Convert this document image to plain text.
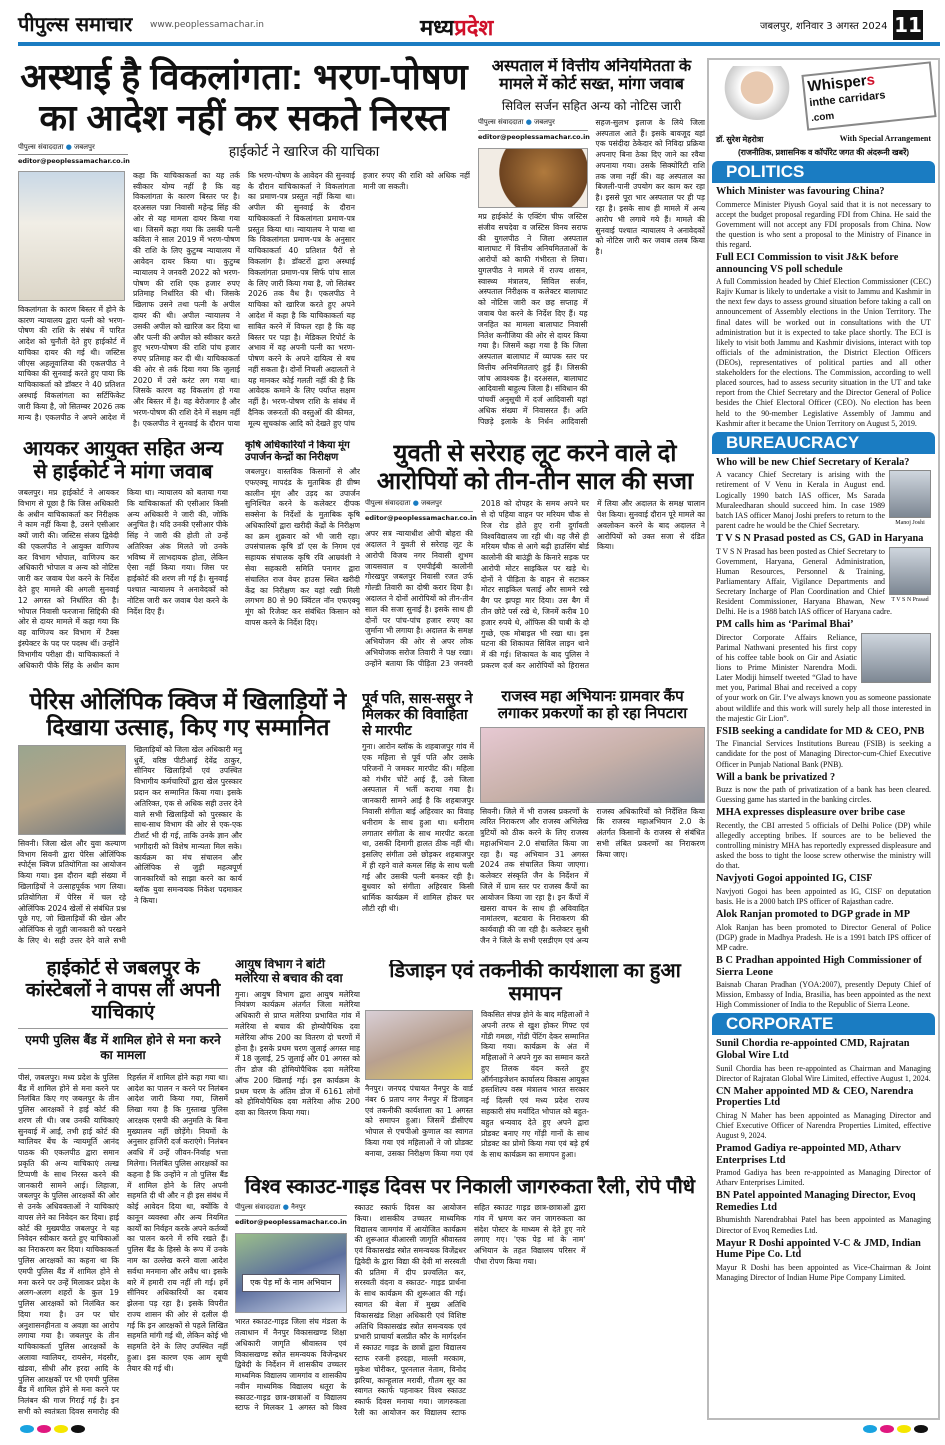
पीपुल्स समाचार www.peoplessamachar.in	मध्यप्रदेश	जबलपुर, शनिवार 3 अगस्त 2024 11
अस्थाई है विकलांगता: भरण-पोषण का आदेश नहीं कर सकते निरस्त
पीपुल्स संवाददाता ● जबलपुर
editor@peoplessamachar.co.in
हाईकोर्ट ने खारिज की याचिका
विकलांगता के कारण बिस्तर में होने के कारण न्यायालय द्वारा पत्नी को भरण-पोषण की राशि के संबंध में पारित आदेश को चुनौती देते हुए हाईकोर्ट में याचिका दायर की गई थी। जस्टिस जीएस अहलूवालिया की एकलपीठ ने याचिका की सुनवाई करते हुए पाया कि याचिकाकर्ता को डॉक्टर ने 40 प्रतिशत अस्थाई विकलांगता का सर्टिफिकेट जारी किया है, जो सितम्बर 2026 तक मान्य है। एकलपीठ ने अपने आदेश में कहा कि याचिकाकर्ता का यह तर्क स्वीकार योग्य नहीं है कि वह विकलांगता के कारण बिस्तर पर है। दरअसल पन्ना निवासी महेन्द्र सिंह की ओर से यह मामला दायर किया गया था। जिसमें कहा गया कि उसकी पत्नी कविता ने साल 2019 में भरण-पोषण की राशि के लिए कुटुम्ब न्यायालय में आवेदन दायर किया था। कुटुम्ब न्यायालय ने जनवरी 2022 को भरण-पोषण की राशि एक हजार रुपए प्रतिमाह निर्धारित की थी। जिसके खिलाफ उसने तथा पत्नी के अपील दायर की थी। अपील न्यायालय ने उसकी अपील को खारिज कर दिया था और पत्नी की अपील को स्वीकार करते हुए भरण-पोषण की राशि पांच हजार रुपए प्रतिमाह कर दी थी। याचिकाकर्ता की ओर से तर्क दिया गया कि जुलाई 2020 में उसे करंट लग गया था। जिसके कारण वह विकलांग हो गया और बिस्तर में है। वह बेरोजगार है और भरण-पोषण की राशि देने में सक्षम नहीं है। एकलपीठ ने सुनवाई के दौरान पाया कि भरण-पोषण के आवेदन की सुनवाई के दौरान याचिकाकर्ता ने विकलांगता का प्रमाण-पत्र प्रस्तुत नहीं किया था। अपील की सुनवाई के दौरान याचिकाकर्ता ने विकलांगता प्रमाण-पत्र प्रस्तुत किया था। न्यायालय ने पाया था कि विकलांगता प्रमाण-पत्र के अनुसार याचिकाकर्ता 40 प्रतिशत पैरों से विकलांग है। डॉक्टरों द्वारा अस्थाई विकलांगता प्रमाण-पत्र सिर्फ पांच साल के लिए जारी किया गया है, जो सितंबर 2026 तक वैध है। एकलपीठ ने याचिका को खारिज करते हुए अपने आदेश में कहा है कि याचिकाकर्ता यह साबित करने में विफल रहा है कि वह बिस्तर पर पड़ा है। मेडिकल रिपोर्ट के अभाव में वह अपनी पत्नी का भरण-पोषण करने के अपने दायित्व से बच नहीं सकता है। दोनों निचली अदालतों ने यह मानकर कोई गलती नहीं की है कि आवेदक कमाने के लिए पर्याप्त सक्षम नहीं है। भरण-पोषण राशि के संबंध में दैनिक जरूरतों की वस्तुओं की कीमत, मूल्य सूचकांक आदि को देखते हुए पांच हजार रुपए की राशि को अधिक नहीं मानी जा सकती।
अस्पताल में वित्तीय अनियमितता के मामले में कोर्ट सख्त, मांगा जवाब
सिविल सर्जन सहित अन्य को नोटिस जारी
पीपुल्स संवाददाता ● जबलपुर
editor@peoplessamachar.co.in
मप्र हाईकोर्ट के एक्टिंग चीफ जस्टिस संजीव सचदेवा व जस्टिस विनय सराफ की युगलपीठ ने जिला अस्पताल बालाघाट में वित्तीय अनियमितताओं के आरोपों को काफी गंभीरता से लिया। युगलपीठ ने मामले में राज्य शासन, स्वास्थ्य मंत्रालय, सिविल सर्जन, अस्पताल निरीक्षक व कलेक्टर बालाघाट को नोटिस जारी कर छह सप्ताह में जवाब पेश करने के निर्देश दिए हैं। यह जनहित का मामला बालाघाट निवासी नितेश कनौजिया की ओर से दायर किया गया है। जिसमें कहा गया है कि जिला अस्पताल बालाघाट में व्यापक स्तर पर वित्तीय अनियमितताएं हुई हैं। जिसकी जांच आवश्यक है। दरअसल, बालाघाट आदिवासी बाहुल्य जिला है। संविधान की पांचवीं अनुसूची में दर्ज आदिवासी यहां अधिक संख्या में निवासरत हैं। अति पिछड़े इलाके के निर्धन आदिवासी सहज-सुलभ इलाज के लिये जिला अस्पताल आते हैं। इसके बावजूद यहां एक पसंदीदा ठेकेदार को निविदा प्रक्रिया अपनाए बिना ठेका दिए जाने का रवैया अपनाया गया। उसके सिक्योरिटी राशि तक जमा नहीं की। वह अस्पताल का बिजली-पानी उपयोग कर काम कर रहा है। इससे पूरा भार अस्पताल पर ही पड़ रहा है। इसके साथ ही मामले में अन्य आरोप भी लगाये गये हैं। मामले की सुनवाई पश्चात न्यायालय ने अनावेदकों को नोटिस जारी कर जवाब तलब किया है।
आयकर आयुक्त सहित अन्य से हाईकोर्ट ने मांगा जवाब
जबलपुर। मप्र हाईकोर्ट ने आयकर विभाग से पूछा है कि जिस अधिकारी के अधीन याचिकाकर्ता कर निरीक्षक ने काम नहीं किया है, उसने एसीआर क्यों जारी की। जस्टिस संजय द्विवेदी की एकलपीठ ने आयुक्त वाणिज्य कर विभाग भोपाल, वाणिज्य कर अधिकारी भोपाल व अन्य को नोटिस जारी कर जवाब पेश करने के निर्देश देते हुए मामले की अगली सुनवाई 12 अगस्त को निर्धारित की है। भोपाल निवासी फरजाना सिद्दिकी की ओर से दायर मामले में कहा गया कि वह वाणिज्य कर विभाग में टैक्स इंस्पेक्टर के पद पर पदस्थ थीं। उन्होंने विभागीय परीक्षा दी। याचिकाकर्ता ने अधिकारी पीके सिंह के अधीन काम किया था। न्यायालय को बताया गया कि याचिकाकर्ता की एसीआर किसी अन्य अधिकारी ने जारी की, जोकि अनुचित है। यदि उनकी एसीआर पीके सिंह ने जारी की होती तो उन्हें अतिरिक्त अंक मिलते जो उनके भविष्य में लाभदायक होता, लेकिन ऐसा नहीं किया गया। जिस पर हाईकोर्ट की शरण ली गई है। सुनवाई पश्चात न्यायालय ने अनावेदकों को नोटिस जारी कर जवाब पेश करने के निर्देश दिए हैं।
कृषि अधिकारियों ने किया मूंग उपार्जन केन्द्रों का निरीक्षण
जबलपुर। वास्तविक किसानों से और एफएक्यू मापदंड के मुताबिक ही ग्रीष्म कालीन मूंग और उड़द का उपार्जन सुनिश्चित करने के कलेक्टर दीपक सक्सेना के निर्देशों के मुताबिक कृषि अधिकारियों द्वारा खरीदी केंद्रों के निरीक्षण का क्रम शुक्रवार को भी जारी रहा। उपसंचालक कृषि डॉ एस के निगम एवं सहायक संचालक कृषि रवि आम्रवंशी ने सेवा सहकारी समिति पनागर द्वारा संचालित राज वेयर हाउस स्थित खरीदी केंद्र का निरीक्षण कर यहां रखी मिली लगभग 80 से 90 क्विंटल नॉन एफएक्यू मूंग को रिजेक्ट कर संबंधित किसान को वापस करने के निर्देश दिए।
युवती से सरेराह लूट करने वाले दो आरोपियों को तीन-तीन साल की सजा
पीपुल्स संवाददाता ● जबलपुर
editor@peoplessamachar.co.in
अपर सत्र न्यायाधीश ओपी बोहरा की अदालत ने युवती से सरेराह लूट के आरोपी विजय नगर निवासी शुभम जायसवाल व एमपीईबी कालोनी गोरखपुर जबलपुर निवासी रजत उर्फ गोल्डी तिवारी का दोषी करार दिया है। अदालत ने दोनों आरोपियों को तीन-तीन साल की सजा सुनाई है। इसके साथ ही दोनों पर पांच-पांच हजार रुपए का जुर्माना भी लगाया है। अदालत के समक्ष अभियोजन की ओर से अपर लोक अभियोजक सरोज तिवारी ने पक्ष रखा। उन्होंने बताया कि पीड़िता 23 जनवरी 2018 को दोपहर के समय अपने घर से दो पहिया वाहन पर मरियम चौक से रिज रोड होते हुए रानी दुर्गावती विश्वविद्यालय जा रही थी। वह जैसे ही मरियम चौक से आगे बढ़ी हाउसिंग बोर्ड कालोनी की बाउंड्री के किनारे सड़क पर आरोपी मोटर साइकिल पर खड़े थे। दोनों ने पीड़िता के वाहन से सटाकर मोटर साइकिल चलाई और सामने रखे बैग पर झपट्टा मार दिया। उस बैग में तीन छोटे पर्स रखे थे, जिनमें करीब 10 हजार रुपये थे, ऑफिस की चाबी के दो गुच्छे, एक मोबाइल भी रखा था। इस घटना की शिकायत सिविल लाइन थाने में की गई। शिकायत के बाद पुलिस ने प्रकरण दर्ज कर आरोपियों को हिरासत में लिया और अदालत के समक्ष चालान पेश किया। सुनवाई दौरान पूरे मामले का अवलोकन करने के बाद अदालत ने आरोपियों को उक्त सजा से दंडित किया।
पेरिस ओलिंपिक क्विज में खिलाड़ियों ने दिखाया उत्साह, किए गए सम्मानित
सिवनी। जिला खेल और युवा कल्याण विभाग सिवनी द्वारा पेरिस ओलिंपिक स्पोर्ट्स क्विज प्रतियोगिता का आयोजन किया गया। इस दौरान बड़ी संख्या में खिलाड़ियों ने उत्साहपूर्वक भाग लिया। प्रतियोगिता में पेरिस में चल रहे ओलिंपिक 2024 खेलों से संबंधित प्रश्न पूछे गए, जो खिलाड़ियों की खेल और ओलिंपिक से जुड़ी जानकारी को परखने के लिए थे। सही उत्तर देने वाले सभी खिलाड़ियों को जिला खेल अधिकारी मनु धुर्वे, वरिष्ठ पीटीआई देवेंद्र ठाकुर, सीनियर खिलाड़ियों एवं उपस्थित विभागीय कर्मचारियों द्वारा खेल पुरस्कार प्रदान कर सम्मानित किया गया। इसके अतिरिक्त, एक से अधिक सही उत्तर देने वाले सभी खिलाड़ियों को पुरस्कार के साथ-साथ विभाग की ओर से एक-एक टीशर्ट भी दी गई, ताकि उनके ज्ञान और भागीदारी को विशेष मान्यता मिल सके। कार्यक्रम का मंच संचालन और ओलिंपिक से जुड़ी महत्वपूर्ण जानकारियों को साझा करने का कार्य ब्लॉक युवा समन्वयक निकेश पदमाकर ने किया।
पूर्व पति, सास-ससुर ने मिलकर की विवाहिता से मारपीट
गुना। आरोन ब्लॉक के शहबाजपुर गांव में एक महिला से पूर्व पति और उसके परिजनों ने जमकर मारपीट की। महिला को गंभीर चोटें आई हैं, उसे जिला अस्पताल में भर्ती कराया गया है। जानकारी सामने आई है कि शहबाजपुर निवासी संगीता बाई अहिरवार का विवाह धनीराम के साथ हुआ था। धनीराम लगातार संगीता के साथ मारपीट करता था, उसकी दिमागी हालत ठीक नहीं थी। इसलिए संगीता उसे छोड़कर शहबाजपुर में ही रहने वाले कमल सिंह के साथ चली गई और उसकी पत्नी बनकर रही है। बुधवार को संगीता अहिरवार किसी धार्मिक कार्यक्रम में शामिल होकर घर लौटी रही थी।
राजस्व महा अभियानः ग्रामवार कैंप लगाकर प्रकरणों का हो रहा निपटारा
सिवनी। जिले में भी राजस्व प्रकरणों के त्वरित निराकरण और राजस्व अभिलेख त्रुटियों को ठीक करने के लिए राजस्व महाअभियान 2.0 संचालित किया जा रहा है। यह अभियान 31 अगस्त 2024 तक संचालित किया जाएगा। कलेक्टर संस्कृति जैन के निर्देशन में जिले में ग्राम स्तर पर राजस्व कैंपों का आयोजन किया जा रहा है। इन कैंपों में खसरा वाचन के साथ ही अविवादित नामांतरण, बटवारा के निराकरण की कार्यवाही की जा रही है। कलेक्टर सुश्री जैन ने जिले के सभी एसडीएम एवं अन्य राजस्व अधिकारियों को निर्देशित किया कि राजस्व महाअभियान 2.0 के अंतर्गत किसानों के राजस्व से संबंधित सभी लंबित प्रकरणों का निराकरण किया जाए।
हाईकोर्ट से जबलपुर के कांस्टेबलों ने वापस लीं अपनी याचिकाएं
एमपी पुलिस बैंड में शामिल होने से मना करने का मामला
पीसं, जबलपुर। मध्य प्रदेश के पुलिस बैंड में शामिल होने से मना करने पर निलंबित किए गए जबलपुर के तीन पुलिस आरक्षकों ने हाई कोर्ट की शरण ली थी। जब उनकी याचिकाएं सुनवाई में आईं, तभी हाई कोर्ट की ग्वालियर बेंच के न्यायमूर्ति आनंद पाठक की एकलपीठ द्वारा समान प्रकृति की अन्य याचिकाएं तल्ख टिप्पणी के साथ निरस्त करने की जानकारी सामने आई। लिहाजा, जबलपुर के पुलिस आरक्षकों की ओर से उनके अधिवक्ताओं ने याचिकाएं वापस लेने का निवेदन कर दिया। हाई कोर्ट की मुख्यपीठ जबलपुर ने यह निवेदन स्वीकार करते हुए याचिकाओं का निराकरण कर दिया। याचिकाकर्ता पुलिस आरक्षकों का कहना था कि एमपी पुलिस बैंड में शामिल होने से मना करने पर उन्हें मिलाकर प्रदेश के अलग-अलग शहरों के कुल 19 पुलिस आरक्षकों को निलंबित कर दिया गया है। उन पर घोर अनुशासनहीनता व अवज्ञा का आरोप लगाया गया है। जबलपुर के तीन याचिकाकर्ता पुलिस आरक्षकों के अलावा ग्वालियर, रायसेन, मंदसौर, खंडवा, सीधी और हरदा आदि के पुलिस आरक्षकों पर भी एमपी पुलिस बैंड में शामिल होने से मना करने पर निलंबन की गाज गिराई गई है। इन सभी को स्वतंत्रता दिवस समारोह की रिहर्सल में शामिल होने कहा गया था। आदेश का पालन न करने पर निलंबन आदेश जारी किया गया, जिसमें लिखा गया है कि गुस्ताख पुलिस आरक्षक एसपी की अनुमति के बिना मुख्यालय नहीं छोड़ेंगे। नियमों के अनुसार हाजिरी दर्ज कराएंगे। निलंबन अवधि में उन्हें जीवन-निर्वाह भत्ता मिलेगा। निलंबित पुलिस आरक्षकों का कहना है कि उन्होंने न तो पुलिस बैंड में शामिल होने के लिए अपनी सहमति दी थी और न ही इस संबंध में कोई आवेदन दिया था, क्योंकि वे कानून व्यवस्था और अन्य नियमित कार्यों का निर्वहन करके अपने कर्तव्यों का पालन करने में रुचि रखते हैं। पुलिस बैंड के हिस्से के रूप में उनके नाम का उल्लेख करने वाला आदेश सर्वथा मनमाना और अवैध था। इसके बारे में हमारी राय नहीं ली गई। हमें सीनियर अधिकारियों का दबाव झेलना पड़ रहा है। इसके विपरीत राज्य शासन की ओर से दलील दी गई कि इन आरक्षकों से पहले लिखित सहमति मांगी गई थी, लेकिन कोई भी सहमति देने के लिए उपस्थित नहीं हुआ। इस कारण एक आम सूची तैयार की गई थी।
आयुष विभाग ने बांटी मलेरिया से बचाव की दवा
गुना। आयुष विभाग द्वारा आयुष मलेरिया नियंत्रण कार्यक्रम अंतर्गत जिला मलेरिया अधिकारी से प्राप्त मलेरिया प्रभावित गांव में मलेरिया से बचाव की होम्योपैथिक दवा मलेरिया ऑफ 200 का वितरण दो चरणों में होना है। इसके प्रथम चरण जुलाई अगस्त माह में 18 जुलाई, 25 जुलाई और 01 अगस्त को तीन डोज की होमियोपैथिक दवा मलेरिया ऑफ 200 खिलाई गई। इस कार्यक्रम के प्रथम चरण के अंतिम डोज में 6161 लोगों को होमियोपैथिक दवा मलेरिया ऑफ 200 दवा का वितरण किया गया।
डिजाइन एवं तकनीकी कार्यशाला का हुआ समापन
नैनपुर। जनपद पंचायत नैनपुर के वार्ड नंबर 6 प्रताप नगर नैनपुर में डिजाइन एवं तकनीकी कार्यशाला का 1 अगस्त को समापन हुआ। जिसमें डीसीएच भोपाल से एचपीओ कुणाल का स्वागत किया गया एवं महिलाओं ने जो प्रोडक्ट बनाया, उसका निरीक्षण किया गया एवं विकसित संपन्न होने के बाद महिलाओं ने अपनी तरफ से खुश होकर गिफ्ट एवं गोंडी गमछा, गोंडी पेंटिंग देकर सम्मानित किया गया। कार्यक्रम के अंत में महिलाओं ने अपने गुरु का सम्मान करते हुए तिलक वंदन करते हुए ऑर्गनाइजेशन कार्यालय विकास आयुक्त हस्तशिल्प वस्त्र मंत्रालय भारत सरकार नई दिल्ली एवं मध्य प्रदेश राज्य सहकारी संघ मर्यादित भोपाल को बहुत-बहुत धन्यवाद देते हुए अपने द्वारा प्रोडक्ट बनाए गए गोंड़ी गानों के साथ प्रोडक्ट का प्रोमो किया गया एवं बड़े हर्ष के साथ कार्यक्रम का समापन हुआ।
विश्व स्काउट-गाइड दिवस पर निकाली जागरुकता रैली, रोपे पौधे
पीपुल्स संवाददाता ● नैनपुर
editor@peoplessamachar.co.in
एक पेड़ माँ के नाम अभियान
भारत स्काउट-गाइड जिला संघ मंडला के तत्वाधान में नैनपुर विकासखण्ड शिक्षा अधिकारी जागृति श्रीवास्तव एवं विकासखण्ड स्त्रोत समन्वयक विजेन्द्रधर द्विवेदी के निर्देशन में शासकीय उच्चतर माध्यमिक विद्यालय जामगांव व शासकीय नवीन माध्यमिक विद्यालय धतूरा के स्काउट-गाइड छात्र-छात्राओं व विद्यालय स्टाफ ने मिलकर 1 अगस्त को विश्व स्काउट स्कार्फ दिवस का आयोजन किया। शासकीय उच्चतर माध्यमिक विद्यालय जामगांव में आयोजित कार्यक्रम की शुरूआत बीआरसी जागृति श्रीवास्तव एवं विकासखंड स्त्रोत समन्वयक विजेंद्रधर द्विवेदी के द्वारा विद्या की देवी मां सरस्वती की प्रतिमा में दीप प्रज्वलित कर, सरस्वती वंदना व स्काउट- गाइड प्रार्थना के साथ कार्यक्रम की शुरूआत की गई। स्वागत की बेला में मुख्य अतिथि विकासखंड शिक्षा अधिकारी एवं विशिष्ट अतिथि विकासखंड स्त्रोत समन्वयक एवं प्रभारी प्राचार्या बलप्रीत कौर के मार्गदर्शन में स्काउट गाइड के छात्रों द्वारा विद्यालय स्टाफ रजनी हरदहा, माल्ती मरकाम, मुकेश चोरीकर, पूरनलाल नेताम, विनोद झरिया, कान्हूलाल मरावी, गौतम सूर का स्वागत स्कार्फ पहनाकर विश्व स्काउट स्कार्फ दिवस मनाया गया। जागरुकता रैली का आयोजन कर विद्यालय स्टाफ सहित स्काउट गाइड छात्र-छात्राओं द्वारा गांव में भ्रमण कर जन जागरुकता का संदेश पोस्टर के माध्यम से देते हुए नारे लगाए गए। 'एक पेड़ मां के नाम' अभियान के तहत विद्यालय परिसर में पौधा रोपण किया गया।
Whispers
inthe carridars
.com
डॉ. सुरेश मेहरोत्रा	With Special Arrangement
(राजनीतिक, प्रशासनिक व कॉर्पोरेट जगत की अंदरूनी खबरें)
POLITICS
Which Minister was favouring China?
Commerce Minister Piyush Goyal said that it is not necessary to accept the budget proposal regarding FDI from China. He said the Government will not accept any FDI proposals from China. Now the question is who sent a proposal to the Ministry of Finance in this regard.
Full ECI Commission to visit J&K before announcing VS poll schedule
A full Commission headed by Chief Election Commissioner (CEC) Rajiv Kumar is likely to undertake a visit to Jammu and Kashmir in the next few days to assess ground situation before taking a call on announcement of Assembly elections in the Union Territory. The final dates will be worked out in consultations with the UT administration but it is expected to take place shortly. The ECI is likely to visit both Jammu and Kashmir divisions, interact with top officials of the administration, the District Election Officers (DEOs), representatives of political parties and all other stakeholders for the elections. The Commission, according to well placed sources, had to assess security situation in the UT and take report from the Chief Secretary and the Director General of Police besides the Chief Electoral Officer (CEO). No election has been held to the 90-member Legislative Assembly of Jammu and Kashmir after it became the Union Territory on August 5, 2019.
BUREAUCRACY
Who will be new Chief Secretary of Kerala?
Manoj Joshi
A vacancy Chief Secretary is arising with the retirement of V Venu in Kerala in August end. Logically 1990 batch IAS officer, Ms Sarada Muraleedharan should succeed him. In case 1989 batch IAS officer Manoj Joshi prefers to return to the parent cadre he would be the Chief Secretary.
T V S N Prasad posted as CS, GAD in Haryana
T V S N Prasad
T V S N Prasad has been posted as Chief Secretary to Government, Haryana, General Administration, Human Resources, Personnel & Training, Parliamentary Affair, Vigilance Departments and Secretary Incharge of Plan Coordination and Chief Resident Commissioner, Haryana Bhawan, New Delhi. He is a 1988 batch IAS officer of Haryana cadre.
PM calls him as ‘Parimal Bhai’
Director Corporate Affairs Reliance, Parimal Nathwani presented his first copy of his coffee table book on Gir and Asiatic lions to Prime Minister Narendra Modi. Later Modiji himself tweeted “Glad to have met you, Parimal Bhai and received a copy of your work on Gir. I’ve always known you as someone passionate about wildlife and this work will surely help all those interested in the majestic Gir Lion”.
FSIB seeking a candidate for MD & CEO, PNB
The Financial Services Institutions Bureau (FSIB) is seeking a candidate for the post of Managing Director-cum-Chief Executive Officer in Punjab National Bank (PNB).
Will a bank be privatized ?
Buzz is now the path of privatization of a bank has been cleared. Guessing game has started in the banking circles.
MHA expresses displeasure over bribe case
Recently, the CBI arrested 5 officials of Delhi Police (DP) while allegedly accepting bribes. If sources are to be believed the controlling ministry MHA has reportedly expressed displeasure and asked the boss to tight the loose screw otherwise the ministry will do that.
Navjyoti Gogoi appointed IG, CISF
Navjyoti Gogoi has been appointed as IG, CISF on deputation basis. He is a 2000 batch IPS officer of Rajasthan cadre.
Alok Ranjan promoted to DGP grade in MP
Alok Ranjan has been promoted to Director General of Police (DGP) grade in Madhya Pradesh. He is a 1991 batch IPS officer of MP cadre.
B C Pradhan appointed High Commissioner of Sierra Leone
Baisnab Charan Pradhan (YOA:2007), presently Deputy Chief of Mission, Embassy of India, Brasilia, has been appointed as the next High Commissioner of India to the Republic of Sierra Leone.
CORPORATE
Sunil Chordia re-appointed CMD, Rajratan Global Wire Ltd
Sunil Chordia has been re-appointed as Chairman and Managing Director of Rajratan Global Wire Limited, effective August 1, 2024.
CN Maher appointed MD & CEO, Narendra Properties Ltd
Chirag N Maher has been appointed as Managing Director and Chief Executive Officer of Narendra Properties Limited, effective August 9, 2024.
Pramod Gadiya re-appointed MD, Atharv Enterprises Ltd
Pramod Gadiya has been re-appointed as Managing Director of Atharv Enterprises Limited.
BN Patel appointed Managing Director, Evoq Remedies Ltd
Bhumishth Narendrabhai Patel has been appointed as Managing Director of Evoq Remedies Ltd.
Mayur R Doshi appointed V-C & JMD, Indian Hume Pipe Co. Ltd
Mayur R Doshi has been appointed as Vice-Chairman & Joint Managing Director of Indian Hume Pipe Company Limited.
